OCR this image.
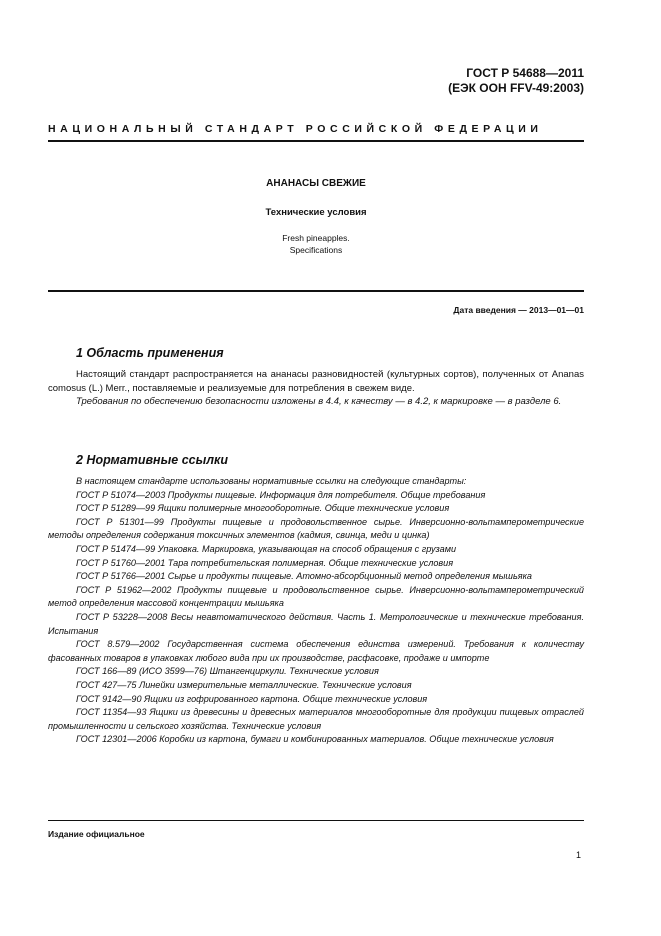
ГОСТ Р 54688—2011
(ЕЭК ООН FFV-49:2003)
НАЦИОНАЛЬНЫЙ СТАНДАРТ РОССИЙСКОЙ ФЕДЕРАЦИИ
АНАНАСЫ СВЕЖИЕ
Технические условия
Fresh pineapples.
Specifications
Дата введения — 2013—01—01
1 Область применения

Настоящий стандарт распространяется на ананасы разновидностей (культурных сортов), полученных от Ananas comosus (L.) Merr., поставляемые и реализуемые для потребления в свежем виде.

Требования по обеспечению безопасности изложены в 4.4, к качеству — в 4.2, к маркировке — в разделе 6.

2 Нормативные ссылки

В настоящем стандарте использованы нормативные ссылки на следующие стандарты:

ГОСТ Р 51074—2003 Продукты пищевые. Информация для потребителя. Общие требования

ГОСТ Р 51289—99 Ящики полимерные многооборотные. Общие технические условия

ГОСТ Р 51301—99 Продукты пищевые и продовольственное сырье. Инверсионно-вольтамперометрические методы определения содержания токсичных элементов (кадмия, свинца, меди и цинка)

ГОСТ Р 51474—99 Упаковка. Маркировка, указывающая на способ обращения с грузами

ГОСТ Р 51760—2001 Тара потребительская полимерная. Общие технические условия

ГОСТ Р 51766—2001 Сырье и продукты пищевые. Атомно-абсорбционный метод определения мышьяка

ГОСТ Р 51962—2002 Продукты пищевые и продовольственное сырье. Инверсионно-вольтамперометрический метод определения массовой концентрации мышьяка

ГОСТ Р 53228—2008 Весы неавтоматического действия. Часть 1. Метрологические и технические требования. Испытания

ГОСТ 8.579—2002 Государственная система обеспечения единства измерений. Требования к количеству фасованных товаров в упаковках любого вида при их производстве, расфасовке, продаже и импорте

ГОСТ 166—89 (ИСО 3599—76) Штангенциркули. Технические условия

ГОСТ 427—75 Линейки измерительные металлические. Технические условия

ГОСТ 9142—90 Ящики из гофрированного картона. Общие технические условия

ГОСТ 11354—93 Ящики из древесины и древесных материалов многооборотные для продукции пищевых отраслей промышленности и сельского хозяйства. Технические условия

ГОСТ 12301—2006 Коробки из картона, бумаги и комбинированных материалов. Общие технические условия

Издание официальное
1
